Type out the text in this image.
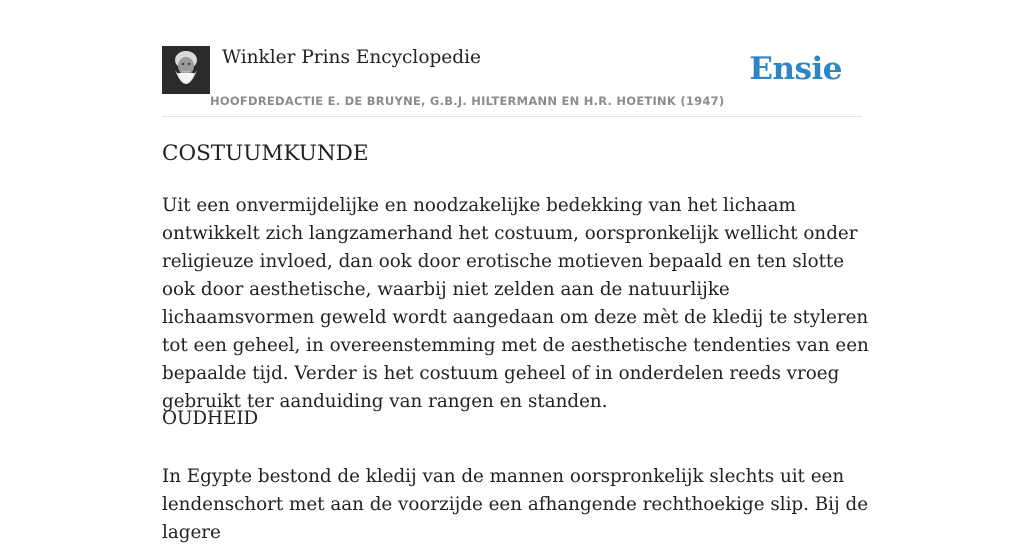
Winkler Prins Encyclopedie
HOOFDREDACTIE E. DE BRUYNE, G.B.J. HILTERMANN EN H.R. HOETINK (1947)
Ensie
COSTUUMKUNDE

Uit een onvermijdelijke en noodzakelijke bedekking van het lichaam ontwikkelt zich langzamerhand het costuum, oorspronkelijk wellicht onder religieuze invloed, dan ook door erotische motieven bepaald en ten slotte ook door aesthetische, waarbij niet zelden aan de natuurlijke lichaamsvormen geweld wordt aangedaan om deze mèt de kledij te styleren tot een geheel, in overeenstemming met de aesthetische tendenties van een bepaalde tijd. Verder is het costuum geheel of in onderdelen reeds vroeg gebruikt ter aanduiding van rangen en standen.

OUDHEID

In Egypte bestond de kledij van de mannen oorspronkelijk slechts uit een lendenschort met aan de voorzijde een afhangende rechthoekige slip. Bij de lagere
